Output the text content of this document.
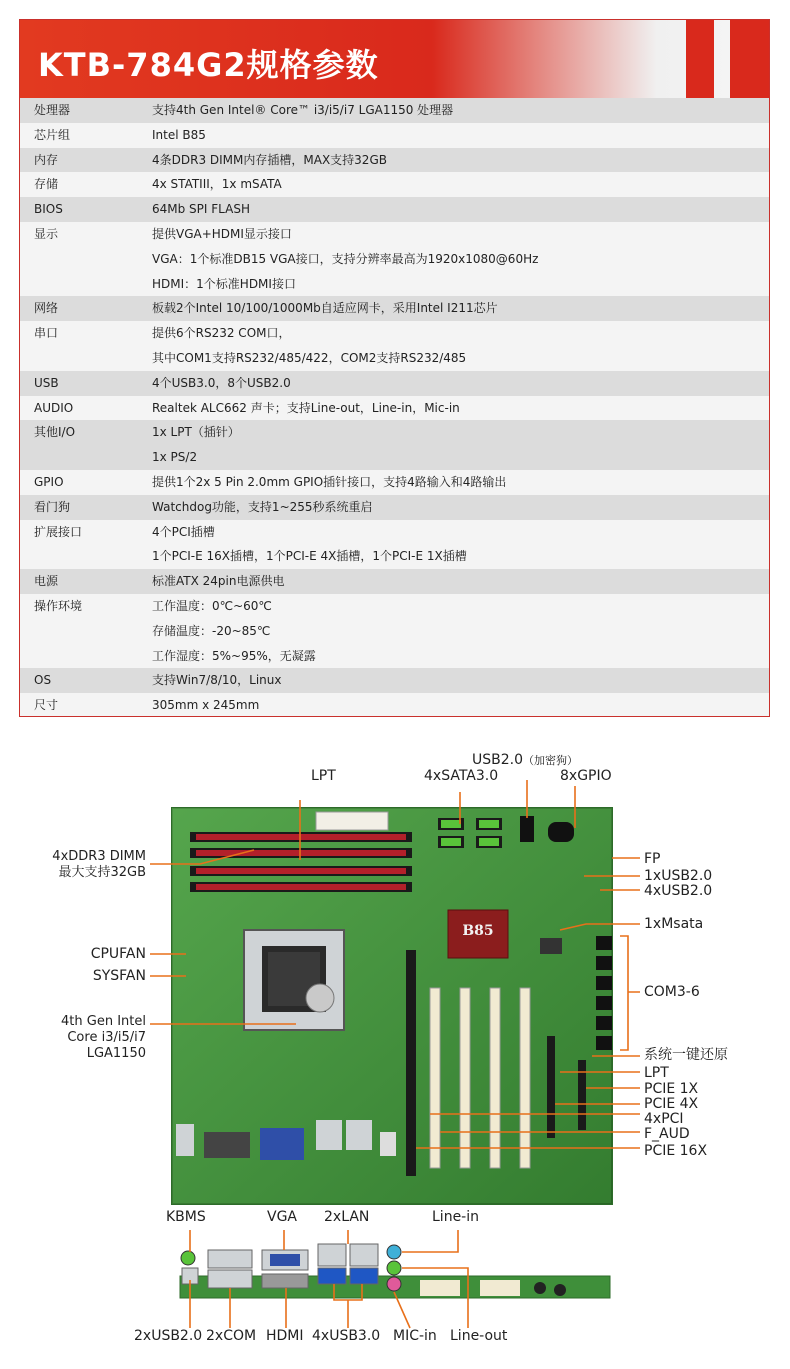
KTB-784G2规格参数
处理器	支持4th Gen Intel® Core™ i3/i5/i7 LGA1150 处理器
芯片组	Intel B85
内存	4条DDR3 DIMM内存插槽，MAX支持32GB
存储	4x STATIII，1x mSATA
BIOS	64Mb SPI FLASH
显示	提供VGA+HDMI显示接口
VGA：1个标准DB15 VGA接口，支持分辨率最高为1920x1080@60Hz
HDMI：1个标准HDMI接口
网络	板载2个Intel 10/100/1000Mb自适应网卡，采用Intel I211芯片
串口	提供6个RS232 COM口，
其中COM1支持RS232/485/422，COM2支持RS232/485
USB	4个USB3.0，8个USB2.0
AUDIO	Realtek ALC662 声卡；支持Line-out，Line-in，Mic-in
其他I/O	1x LPT（插针）
1x PS/2
GPIO	提供1个2x 5 Pin 2.0mm GPIO插针接口，支持4路输入和4路输出
看门狗	Watchdog功能，支持1~255秒系统重启
扩展接口	4个PCI插槽
1个PCI-E 16X插槽，1个PCI-E 4X插槽，1个PCI-E 1X插槽
电源	标准ATX 24pin电源供电
操作环境	工作温度：0℃~60℃
存储温度：-20~85℃
工作湿度：5%~95%，无凝露
OS	支持Win7/8/10，Linux
尺寸	305mm x 245mm
B85
USB2.0（加密狗）
LPT	4xSATA3.0	8xGPIO
4xDDR3 DIMM
最大支持32GB
FP
1xUSB2.0
4xUSB2.0
1xMsata
CPUFAN
SYSFAN
COM3-6
4th Gen Intel
Core i3/i5/i7
LGA1150	系统一键还原
LPT
PCIE 1X
PCIE 4X
4xPCI
F_AUD
PCIE 16X
KBMS	VGA 2xLAN	Line-in
2xUSB2.0 2xCOM HDMI 4xUSB3.0 MIC-in Line-out
